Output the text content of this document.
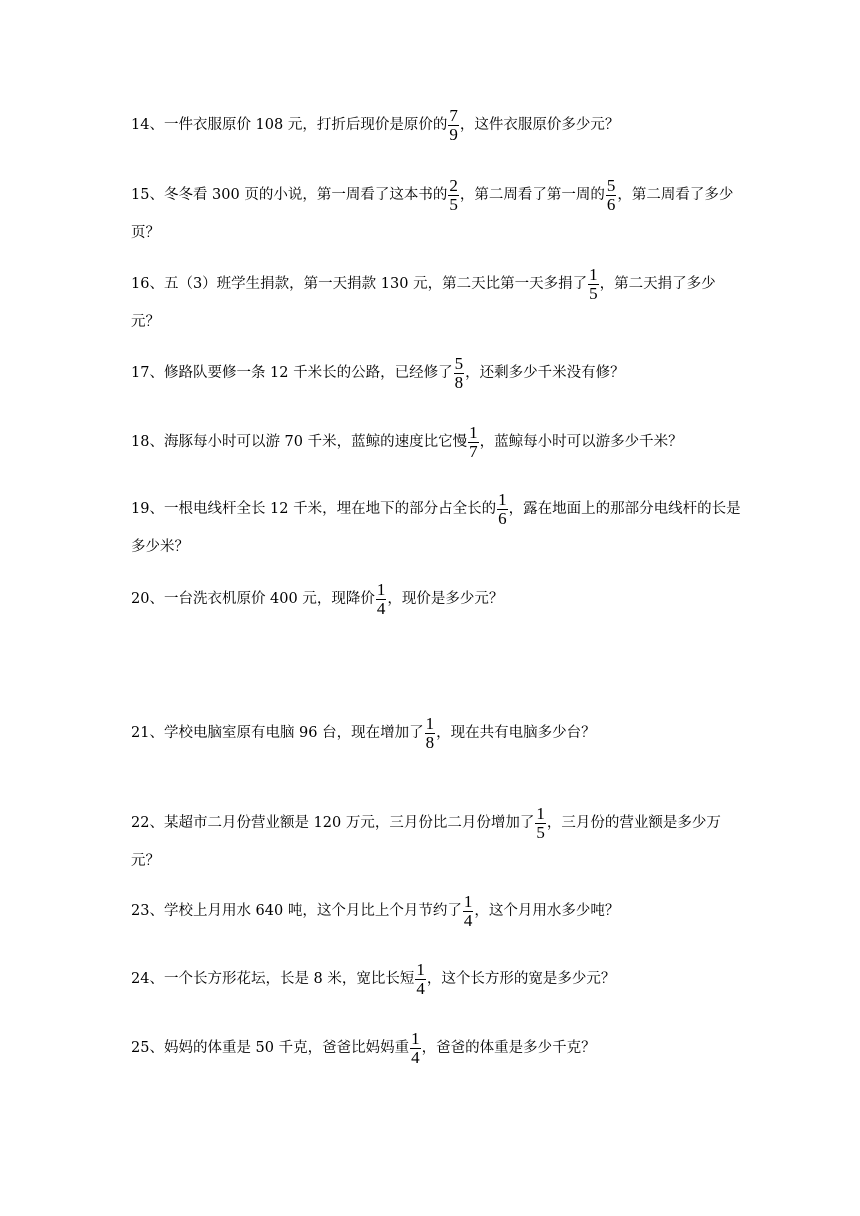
14、一件衣服原价 108 元，打折后现价是原价的 $\frac{7}{9}$ ，这件衣服原价多少元？
15、冬冬看 300 页的小说，第一周看了这本书的 $\frac{2}{5}$ ，第二周看了第一周的 $\frac{5}{6}$ ，第二周看了多少页？
16、五（3）班学生捐款，第一天捐款 130 元，第二天比第一天多捐了 $\frac{1}{5}$ ，第二天捐了多少元？
17、修路队要修一条 12 千米长的公路，已经修了 $\frac{5}{8}$ ，还剩多少千米没有修？
18、海豚每小时可以游 70 千米，蓝鲸的速度比它慢 $\frac{1}{7}$ ，蓝鲸每小时可以游多少千米？
19、一根电线杆全长 12 千米，埋在地下的部分占全长的 $\frac{1}{6}$ ，露在地面上的那部分电线杆的长是多少米？
20、一台洗衣机原价 400 元，现降价 $\frac{1}{4}$ ，现价是多少元？
21、学校电脑室原有电脑 96 台，现在增加了 $\frac{1}{8}$ ，现在共有电脑多少台？
22、某超市二月份营业额是 120 万元，三月份比二月份增加了 $\frac{1}{5}$ ，三月份的营业额是多少万元？
23、学校上月用水 640 吨，这个月比上个月节约了 $\frac{1}{4}$ ，这个月用水多少吨？
24、一个长方形花坛，长是 8 米，宽比长短 $\frac{1}{4}$ ，这个长方形的宽是多少元？
25、妈妈的体重是 50 千克，爸爸比妈妈重 $\frac{1}{4}$ ，爸爸的体重是多少千克？
